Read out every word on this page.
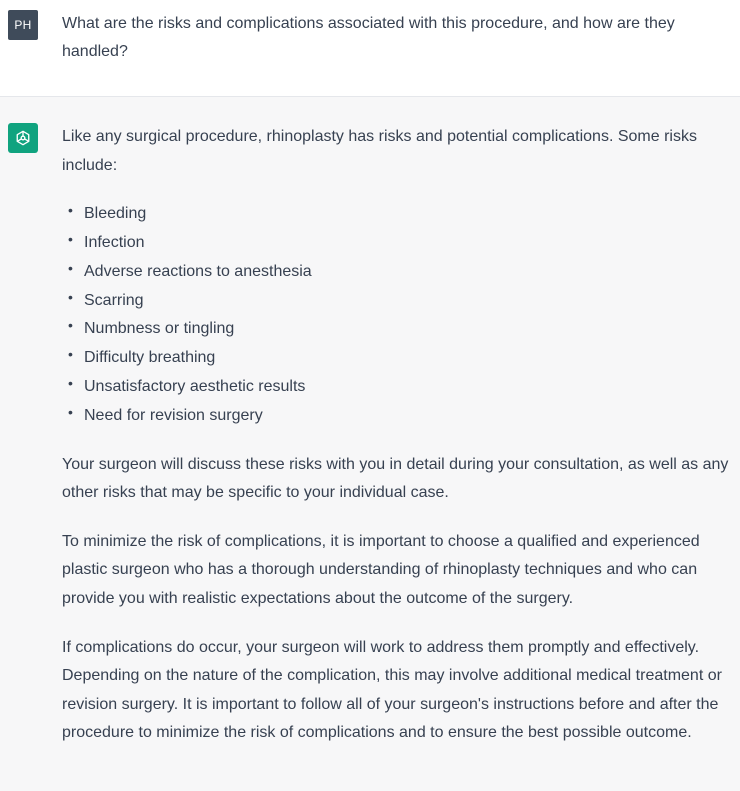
PH	What are the risks and complications associated with this procedure, and how are they handled?

Like any surgical procedure, rhinoplasty has risks and potential complications. Some risks include:

• Bleeding
• Infection
• Adverse reactions to anesthesia
• Scarring
• Numbness or tingling
• Difficulty breathing
• Unsatisfactory aesthetic results
• Need for revision surgery

Your surgeon will discuss these risks with you in detail during your consultation, as well as any other risks that may be specific to your individual case.

To minimize the risk of complications, it is important to choose a qualified and experienced plastic surgeon who has a thorough understanding of rhinoplasty techniques and who can provide you with realistic expectations about the outcome of the surgery.

If complications do occur, your surgeon will work to address them promptly and effectively. Depending on the nature of the complication, this may involve additional medical treatment or revision surgery. It is important to follow all of your surgeon's instructions before and after the procedure to minimize the risk of complications and to ensure the best possible outcome.
